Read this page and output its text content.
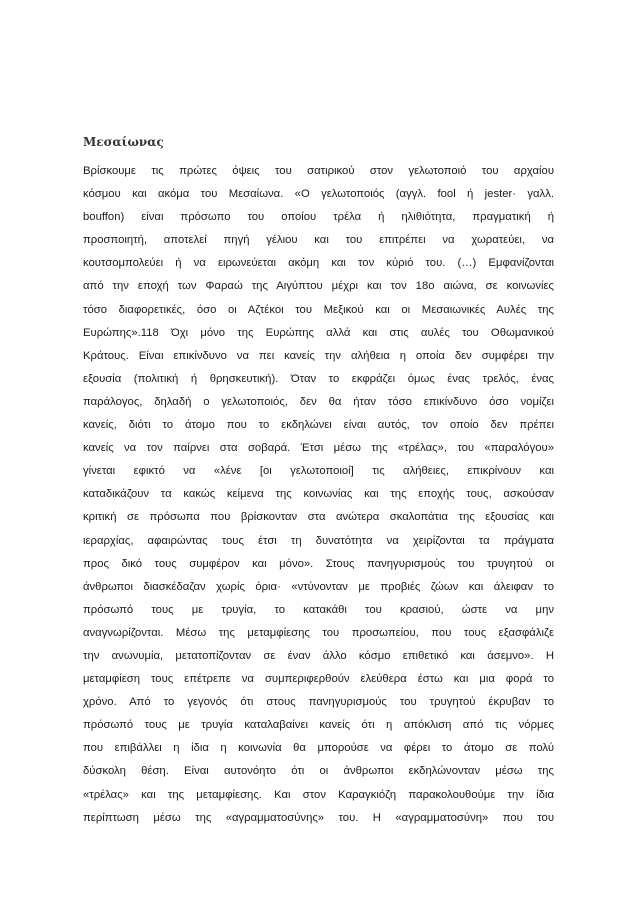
Μεσαίωνας
Βρίσκουμε τις πρώτες όψεις του σατιρικού στον γελωτοποιό του αρχαίου
κόσμου και ακόμα του Μεσαίωνα. «Ο γελωτοποιός (αγγλ. fool ή jester· γαλλ.
bouffon) είναι πρόσωπο του οποίου τρέλα ή ηλιθιότητα, πραγματική ή
προσποιητή, αποτελεί πηγή γέλιου και του επιτρέπει να χωρατεύει, να
κουτσομπολεύει ή να ειρωνεύεται ακόμη και τον κύριό του. (…) Εμφανίζονται
από την εποχή των Φαραώ της Αιγύπτου μέχρι και τον 18ο αιώνα, σε κοινωνίες
τόσο διαφορετικές, όσο οι Αζτέκοι του Μεξικού και οι Μεσαιωνικές Αυλές της
Ευρώπης».118 Όχι μόνο της Ευρώπης αλλά και στις αυλές του Οθωμανικού
Κράτους. Είναι επικίνδυνο να πει κανείς την αλήθεια η οποία δεν συμφέρει την
εξουσία (πολιτική ή θρησκευτική). Όταν το εκφράζει όμως ένας τρελός, ένας
παράλογος, δηλαδή ο γελωτοποιός, δεν θα ήταν τόσο επικίνδυνο όσο νομίζει
κανείς, διότι το άτομο που το εκδηλώνει είναι αυτός, τον οποίο δεν πρέπει
κανείς να τον παίρνει στα σοβαρά. Έτσι μέσω της «τρέλας», του «παραλόγου»
γίνεται εφικτό να «λένε [οι γελωτοποιοί] τις αλήθειες, επικρίνουν και
καταδικάζουν τα κακώς κείμενα της κοινωνίας και της εποχής τους, ασκούσαν
κριτική σε πρόσωπα που βρίσκονταν στα ανώτερα σκαλοπάτια της εξουσίας και
ιεραρχίας, αφαιρώντας τους έτσι τη δυνατότητα να χειρίζονται τα πράγματα
προς δικό τους συμφέρον και μόνο». Στους πανηγυρισμούς του τρυγητού οι
άνθρωποι διασκέδαζαν χωρίς όρια· «ντύνονταν με προβιές ζώων και άλειφαν το
πρόσωπό τους με τρυγία, το κατακάθι του κρασιού, ώστε να μην
αναγνωρίζονται. Μέσω της μεταμφίεσης του προσωπείου, που τους εξασφάλιζε
την ανωνυμία, μετατοπίζονταν σε έναν άλλο κόσμο επιθετικό και άσεμνο». Η
μεταμφίεση τους επέτρεπε να συμπεριφερθούν ελεύθερα έστω και μια φορά το
χρόνο. Από το γεγονός ότι στους πανηγυρισμούς του τρυγητού έκρυβαν το
πρόσωπό τους με τρυγία καταλαβαίνει κανείς ότι η απόκλιση από τις νόρμες
που επιβάλλει η ίδια η κοινωνία θα μπορούσε να φέρει το άτομο σε πολύ
δύσκολη θέση. Είναι αυτονόητο ότι οι άνθρωποι εκδηλώνονταν μέσω της
«τρέλας» και της μεταμφίεσης. Και στον Καραγκιόζη παρακολουθούμε την ίδια
περίπτωση μέσω της «αγραμματοσύνης» του. Η «αγραμματοσύνη» που του
